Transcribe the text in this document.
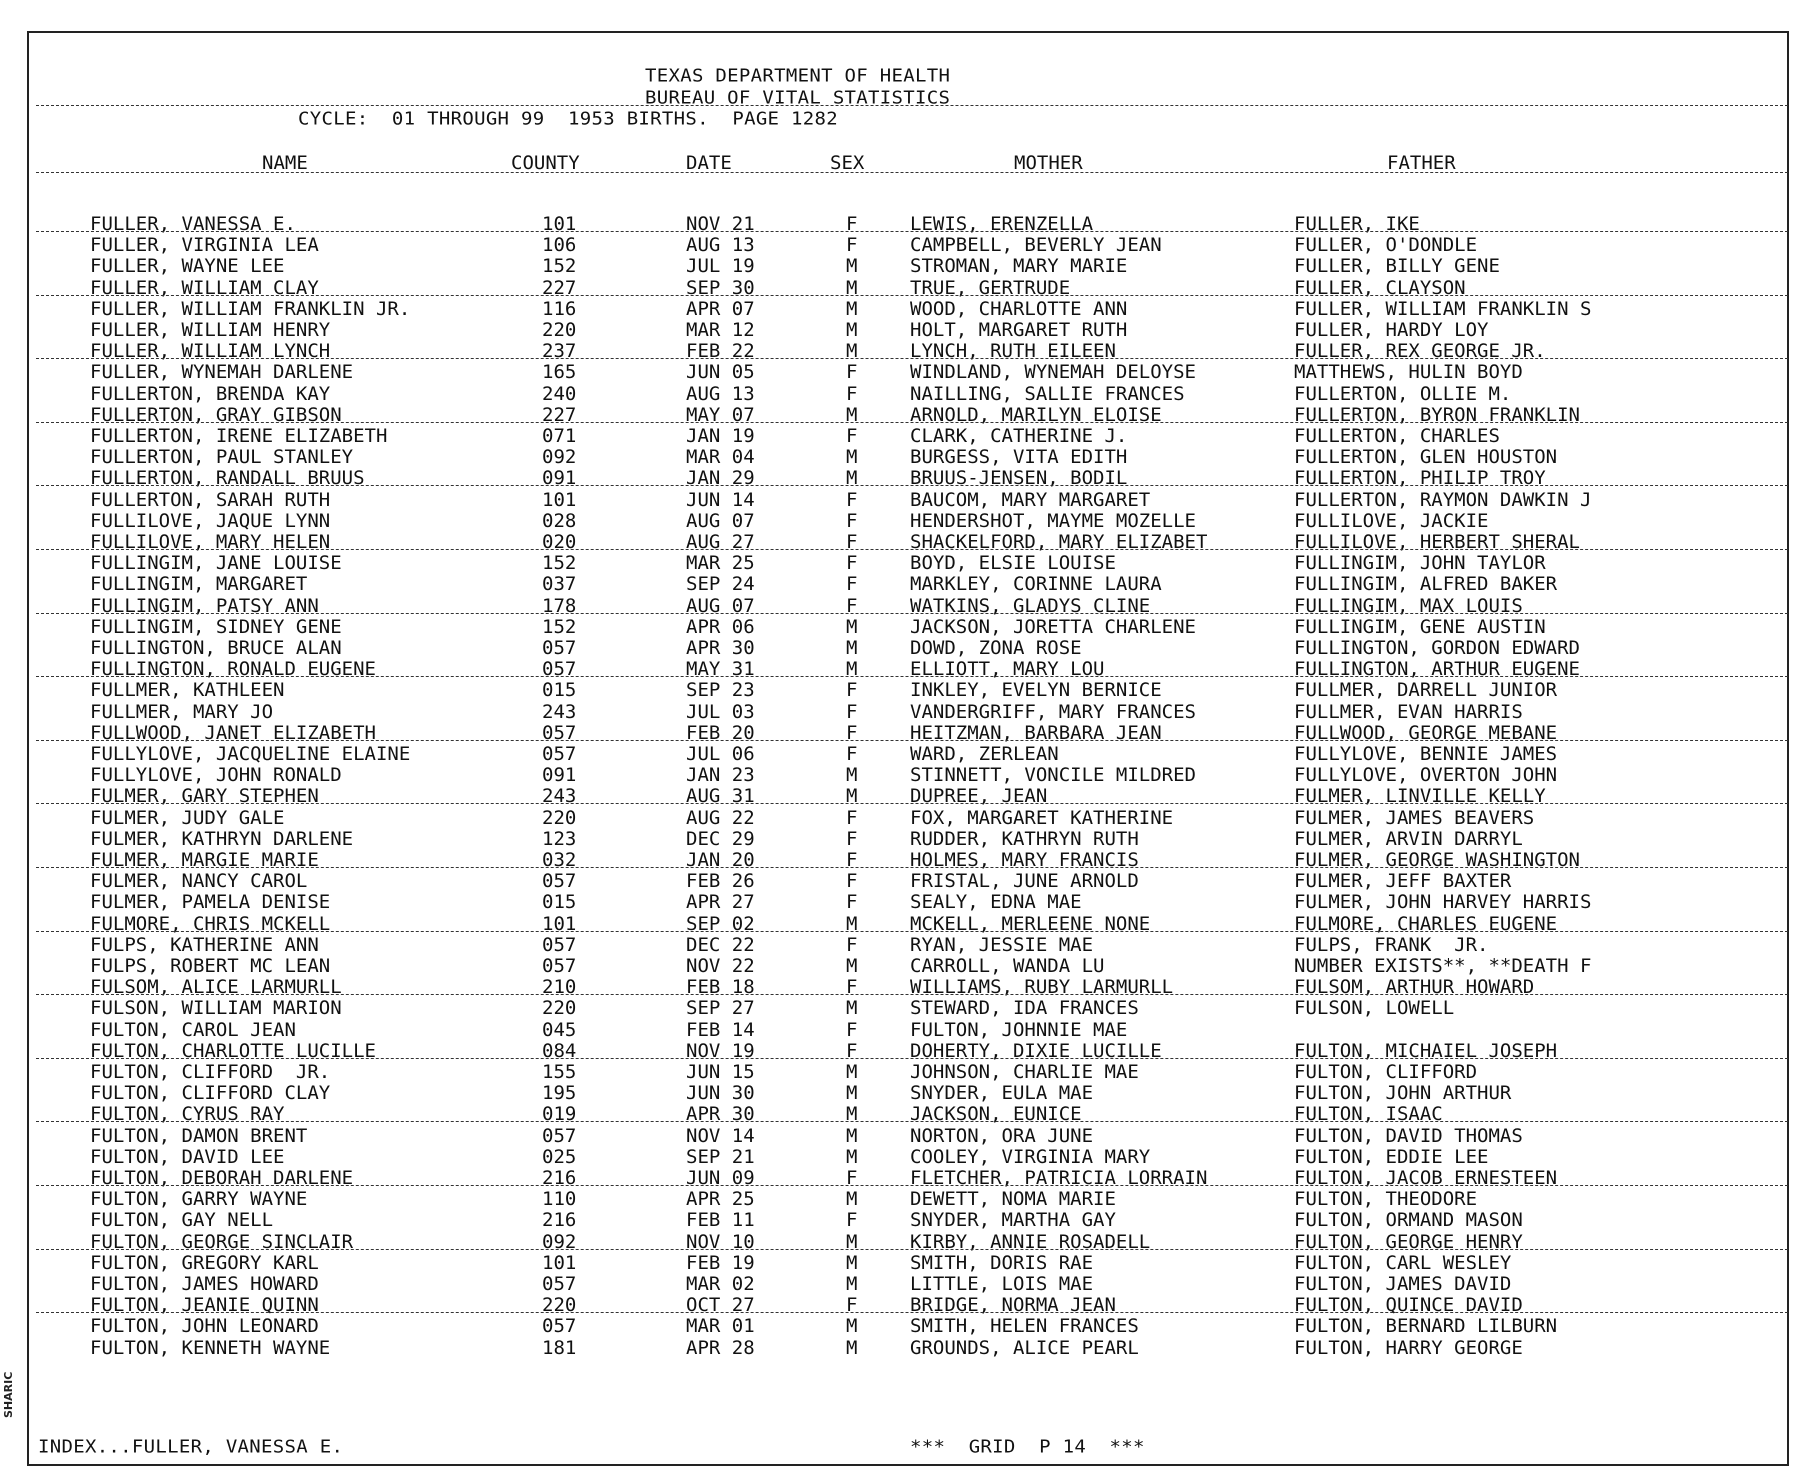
SHARIC
TEXAS DEPARTMENT OF HEALTH
BUREAU OF VITAL STATISTICS
CYCLE:  01 THROUGH 99  1953 BIRTHS.  PAGE 1282
NAME	COUNTY	DATE	SEX	MOTHER	FATHER
FULLER, VANESSA E.	101	NOV 21	F	LEWIS, ERENZELLA	FULLER, IKE
FULLER, VIRGINIA LEA	106	AUG 13	F	CAMPBELL, BEVERLY JEAN	FULLER, O'DONDLE
FULLER, WAYNE LEE	152	JUL 19	M	STROMAN, MARY MARIE	FULLER, BILLY GENE
FULLER, WILLIAM CLAY	227	SEP 30	M	TRUE, GERTRUDE	FULLER, CLAYSON
FULLER, WILLIAM FRANKLIN JR.	116	APR 07	M	WOOD, CHARLOTTE ANN	FULLER, WILLIAM FRANKLIN S
FULLER, WILLIAM HENRY	220	MAR 12	M	HOLT, MARGARET RUTH	FULLER, HARDY LOY
FULLER, WILLIAM LYNCH	237	FEB 22	M	LYNCH, RUTH EILEEN	FULLER, REX GEORGE JR.
FULLER, WYNEMAH DARLENE	165	JUN 05	F	WINDLAND, WYNEMAH DELOYSE	MATTHEWS, HULIN BOYD
FULLERTON, BRENDA KAY	240	AUG 13	F	NAILLING, SALLIE FRANCES	FULLERTON, OLLIE M.
FULLERTON, GRAY GIBSON	227	MAY 07	M	ARNOLD, MARILYN ELOISE	FULLERTON, BYRON FRANKLIN
FULLERTON, IRENE ELIZABETH	071	JAN 19	F	CLARK, CATHERINE J.	FULLERTON, CHARLES
FULLERTON, PAUL STANLEY	092	MAR 04	M	BURGESS, VITA EDITH	FULLERTON, GLEN HOUSTON
FULLERTON, RANDALL BRUUS	091	JAN 29	M	BRUUS-JENSEN, BODIL	FULLERTON, PHILIP TROY
FULLERTON, SARAH RUTH	101	JUN 14	F	BAUCOM, MARY MARGARET	FULLERTON, RAYMON DAWKIN J
FULLILOVE, JAQUE LYNN	028	AUG 07	F	HENDERSHOT, MAYME MOZELLE	FULLILOVE, JACKIE
FULLILOVE, MARY HELEN	020	AUG 27	F	SHACKELFORD, MARY ELIZABET	FULLILOVE, HERBERT SHERAL
FULLINGIM, JANE LOUISE	152	MAR 25	F	BOYD, ELSIE LOUISE	FULLINGIM, JOHN TAYLOR
FULLINGIM, MARGARET	037	SEP 24	F	MARKLEY, CORINNE LAURA	FULLINGIM, ALFRED BAKER
FULLINGIM, PATSY ANN	178	AUG 07	F	WATKINS, GLADYS CLINE	FULLINGIM, MAX LOUIS
FULLINGIM, SIDNEY GENE	152	APR 06	M	JACKSON, JORETTA CHARLENE	FULLINGIM, GENE AUSTIN
FULLINGTON, BRUCE ALAN	057	APR 30	M	DOWD, ZONA ROSE	FULLINGTON, GORDON EDWARD
FULLINGTON, RONALD EUGENE	057	MAY 31	M	ELLIOTT, MARY LOU	FULLINGTON, ARTHUR EUGENE
FULLMER, KATHLEEN	015	SEP 23	F	INKLEY, EVELYN BERNICE	FULLMER, DARRELL JUNIOR
FULLMER, MARY JO	243	JUL 03	F	VANDERGRIFF, MARY FRANCES	FULLMER, EVAN HARRIS
FULLWOOD, JANET ELIZABETH	057	FEB 20	F	HEITZMAN, BARBARA JEAN	FULLWOOD, GEORGE MEBANE
FULLYLOVE, JACQUELINE ELAINE	057	JUL 06	F	WARD, ZERLEAN	FULLYLOVE, BENNIE JAMES
FULLYLOVE, JOHN RONALD	091	JAN 23	M	STINNETT, VONCILE MILDRED	FULLYLOVE, OVERTON JOHN
FULMER, GARY STEPHEN	243	AUG 31	M	DUPREE, JEAN	FULMER, LINVILLE KELLY
FULMER, JUDY GALE	220	AUG 22	F	FOX, MARGARET KATHERINE	FULMER, JAMES BEAVERS
FULMER, KATHRYN DARLENE	123	DEC 29	F	RUDDER, KATHRYN RUTH	FULMER, ARVIN DARRYL
FULMER, MARGIE MARIE	032	JAN 20	F	HOLMES, MARY FRANCIS	FULMER, GEORGE WASHINGTON
FULMER, NANCY CAROL	057	FEB 26	F	FRISTAL, JUNE ARNOLD	FULMER, JEFF BAXTER
FULMER, PAMELA DENISE	015	APR 27	F	SEALY, EDNA MAE	FULMER, JOHN HARVEY HARRIS
FULMORE, CHRIS MCKELL	101	SEP 02	M	MCKELL, MERLEENE NONE	FULMORE, CHARLES EUGENE
FULPS, KATHERINE ANN	057	DEC 22	F	RYAN, JESSIE MAE	FULPS, FRANK  JR.
FULPS, ROBERT MC LEAN	057	NOV 22	M	CARROLL, WANDA LU	NUMBER EXISTS**, **DEATH F
FULSOM, ALICE LARMURLL	210	FEB 18	F	WILLIAMS, RUBY LARMURLL	FULSOM, ARTHUR HOWARD
FULSON, WILLIAM MARION	220	SEP 27	M	STEWARD, IDA FRANCES	FULSON, LOWELL
FULTON, CAROL JEAN	045	FEB 14	F	FULTON, JOHNNIE MAE
FULTON, CHARLOTTE LUCILLE	084	NOV 19	F	DOHERTY, DIXIE LUCILLE	FULTON, MICHAIEL JOSEPH
FULTON, CLIFFORD  JR.	155	JUN 15	M	JOHNSON, CHARLIE MAE	FULTON, CLIFFORD
FULTON, CLIFFORD CLAY	195	JUN 30	M	SNYDER, EULA MAE	FULTON, JOHN ARTHUR
FULTON, CYRUS RAY	019	APR 30	M	JACKSON, EUNICE	FULTON, ISAAC
FULTON, DAMON BRENT	057	NOV 14	M	NORTON, ORA JUNE	FULTON, DAVID THOMAS
FULTON, DAVID LEE	025	SEP 21	M	COOLEY, VIRGINIA MARY	FULTON, EDDIE LEE
FULTON, DEBORAH DARLENE	216	JUN 09	F	FLETCHER, PATRICIA LORRAIN	FULTON, JACOB ERNESTEEN
FULTON, GARRY WAYNE	110	APR 25	M	DEWETT, NOMA MARIE	FULTON, THEODORE
FULTON, GAY NELL	216	FEB 11	F	SNYDER, MARTHA GAY	FULTON, ORMAND MASON
FULTON, GEORGE SINCLAIR	092	NOV 10	M	KIRBY, ANNIE ROSADELL	FULTON, GEORGE HENRY
FULTON, GREGORY KARL	101	FEB 19	M	SMITH, DORIS RAE	FULTON, CARL WESLEY
FULTON, JAMES HOWARD	057	MAR 02	M	LITTLE, LOIS MAE	FULTON, JAMES DAVID
FULTON, JEANIE QUINN	220	OCT 27	F	BRIDGE, NORMA JEAN	FULTON, QUINCE DAVID
FULTON, JOHN LEONARD	057	MAR 01	M	SMITH, HELEN FRANCES	FULTON, BERNARD LILBURN
FULTON, KENNETH WAYNE	181	APR 28	M	GROUNDS, ALICE PEARL	FULTON, HARRY GEORGE
INDEX...FULLER, VANESSA E.	***  GRID  P 14  ***
